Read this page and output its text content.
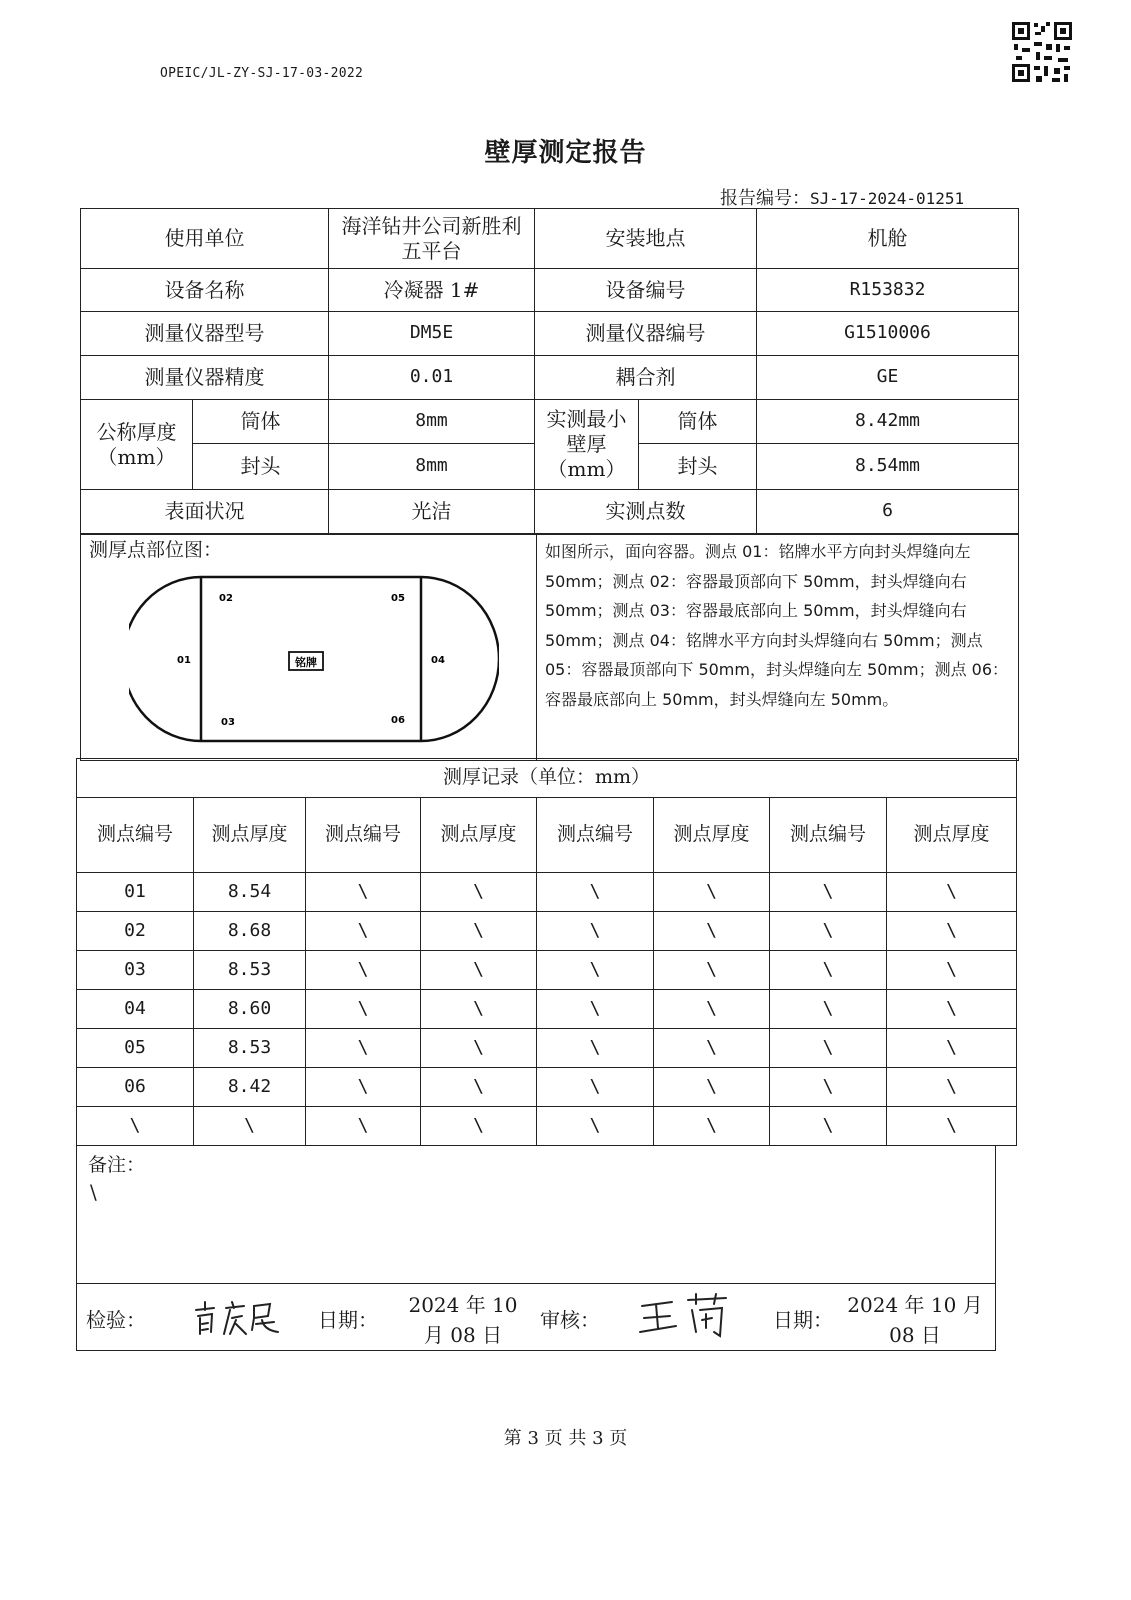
OPEIC/JL-ZY-SJ-17-03-2022
壁厚测定报告
报告编号：SJ-17-2024-01251
使用单位		海洋钻井公司新胜利五平台	安装地点		机舱
设备名称		冷凝器 1#	设备编号		R153832
测量仪器型号		DM5E	测量仪器编号		G1510006
测量仪器精度		0.01	耦合剂		GE
公称厚度（mm）	筒体	8mm	实测最小壁厚（mm）	筒体	8.42mm
	封头	8mm		封头	8.54mm
表面状况		光洁	实测点数		6
测厚点部位图：
铭牌
01
02
03
04
05
06
	如图所示，面向容器。测点 01：铭牌水平方向封头焊缝向左 50mm；测点 02：容器最顶部向下 50mm，封头焊缝向右 50mm；测点 03：容器最底部向上 50mm，封头焊缝向右 50mm；测点 04：铭牌水平方向封头焊缝向右 50mm；测点 05：容器最顶部向下 50mm，封头焊缝向左 50mm；测点 06：容器最底部向上 50mm，封头焊缝向左 50mm。
测厚记录（单位：mm）							
测点编号	测点厚度	测点编号	测点厚度	测点编号	测点厚度	测点编号	测点厚度
01	8.54	\	\	\	\	\	\
02	8.68	\	\	\	\	\	\
03	8.53	\	\	\	\	\	\
04	8.60	\	\	\	\	\	\
05	8.53	\	\	\	\	\	\
06	8.42	\	\	\	\	\	\
\	\	\	\	\	\	\	\
备注：
\
检验：	日期：
2024 年 10 月 08 日
审核：	日期：
2024 年 10 月 08 日
第 3 页 共 3 页
